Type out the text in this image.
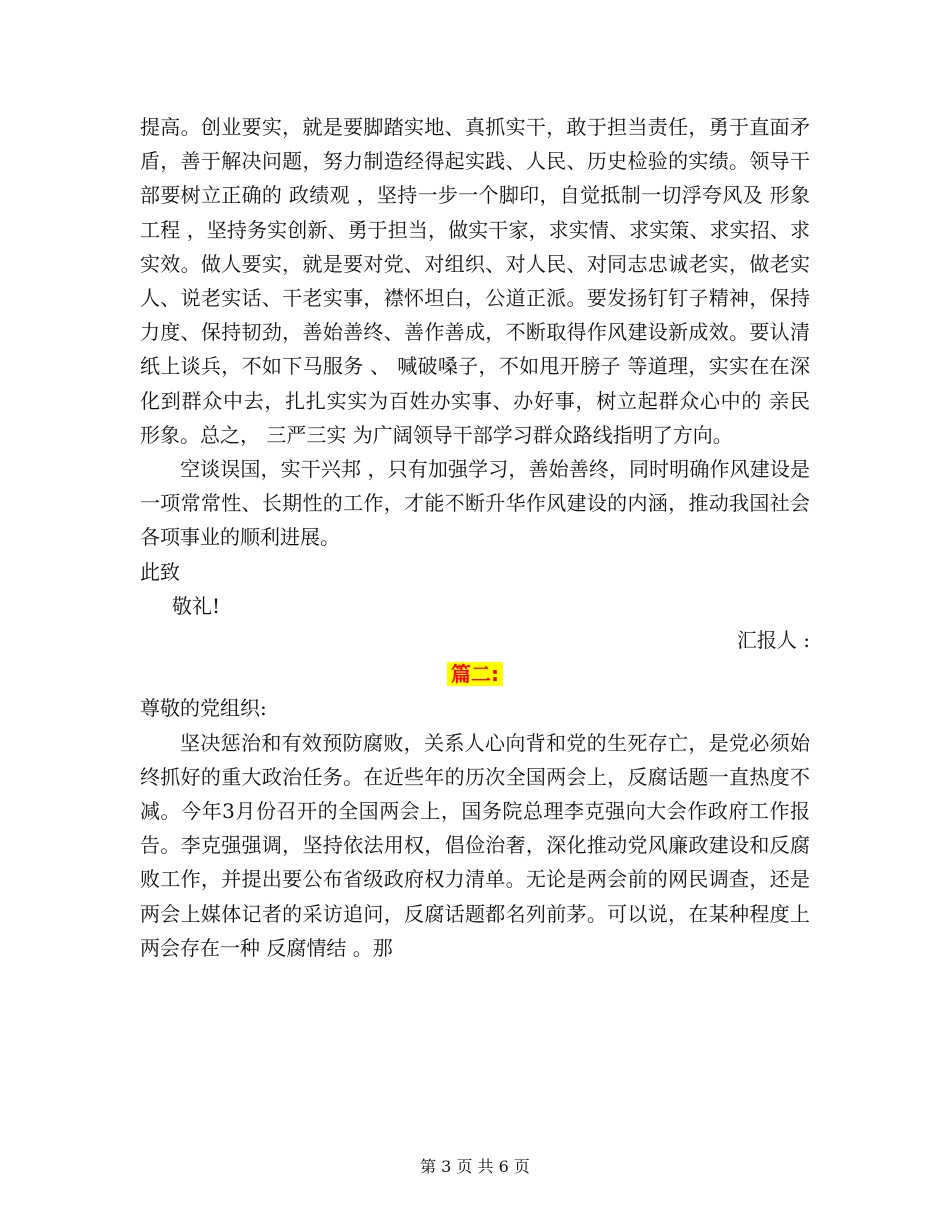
提高。创业要实，就是要脚踏实地、真抓实干，敢于担当责任，勇于直面矛盾，善于解决问题，努力制造经得起实践、人民、历史检验的实绩。领导干部要树立正确的 政绩观 ，坚持一步一个脚印，自觉抵制一切浮夸风及 形象工程 ，坚持务实创新、勇于担当，做实干家，求实情、求实策、求实招、求实效。做人要实，就是要对党、对组织、对人民、对同志忠诚老实，做老实人、说老实话、干老实事，襟怀坦白，公道正派。要发扬钉钉子精神，保持力度、保持韧劲，善始善终、善作善成，不断取得作风建设新成效。要认清 纸上谈兵，不如下马服务 、 喊破嗓子，不如甩开膀子 等道理，实实在在深化到群众中去，扎扎实实为百姓办实事、办好事，树立起群众心中的 亲民 形象。总之， 三严三实 为广阔领导干部学习群众路线指明了方向。

空谈误国，实干兴邦 ，只有加强学习，善始善终，同时明确作风建设是一项常常性、长期性的工作，才能不断升华作风建设的内涵，推动我国社会各项事业的顺利进展。

此致

敬礼!

汇报人 :

篇二:

尊敬的党组织:

坚决惩治和有效预防腐败，关系人心向背和党的生死存亡，是党必须始终抓好的重大政治任务。在近些年的历次全国两会上，反腐话题一直热度不减。今年3月份召开的全国两会上，国务院总理李克强向大会作政府工作报告。李克强强调，坚持依法用权，倡俭治奢，深化推动党风廉政建设和反腐败工作，并提出要公布省级政府权力清单。无论是两会前的网民调查，还是两会上媒体记者的采访追问，反腐话题都名列前茅。可以说，在某种程度上两会存在一种 反腐情结 。那

第 3 页 共 6 页
